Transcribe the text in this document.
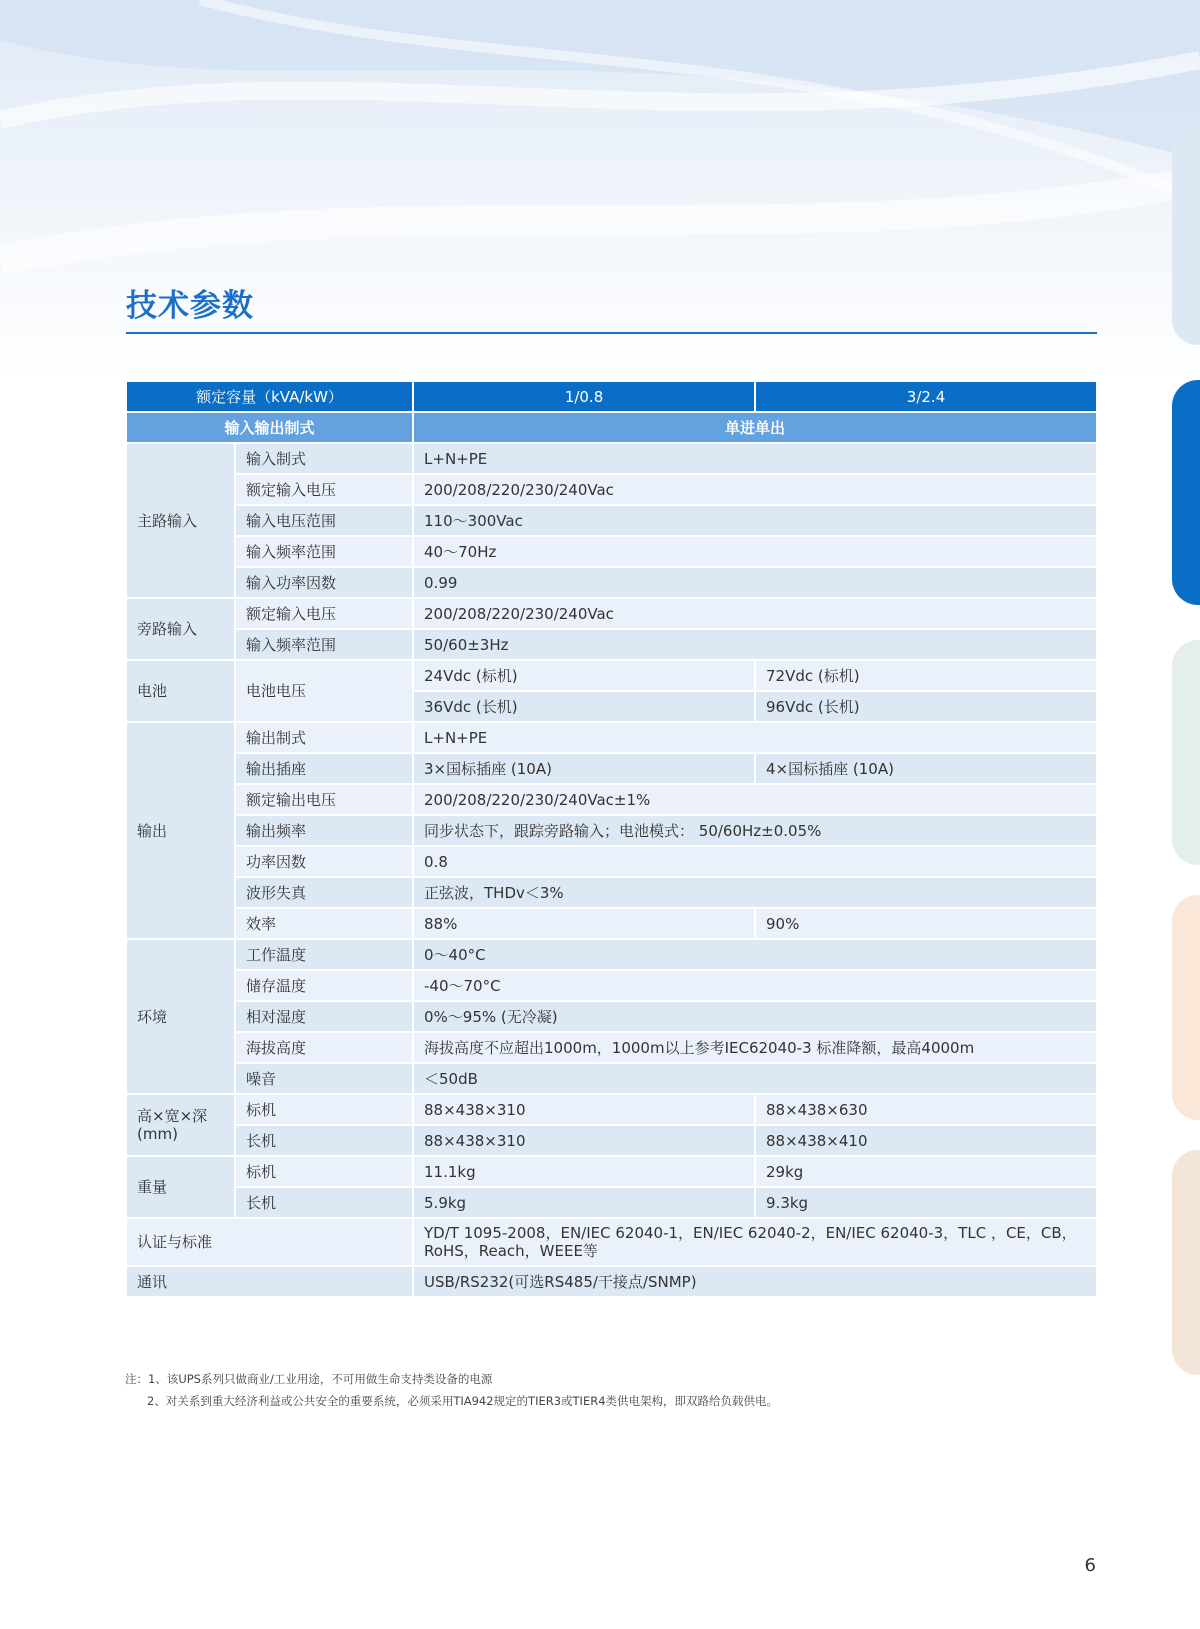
技术参数
额定容量（kVA/kW）		1/0.8	3/2.4
输入输出制式		单进单出	
主路输入	输入制式	L+N+PE	
	额定输入电压	200/208/220/230/240Vac	
	输入电压范围	110～300Vac	
	输入频率范围	40～70Hz	
	输入功率因数	0.99	
旁路输入	额定输入电压	200/208/220/230/240Vac	
	输入频率范围	50/60±3Hz	
电池	电池电压	24Vdc (标机)	72Vdc (标机)
		36Vdc (长机)	96Vdc (长机)
输出	输出制式	L+N+PE	
	输出插座	3×国标插座 (10A)	4×国标插座 (10A)
	额定输出电压	200/208/220/230/240Vac±1%	
	输出频率	同步状态下，跟踪旁路输入；电池模式： 50/60Hz±0.05%	
	功率因数	0.8	
	波形失真	正弦波，THDv＜3%	
	效率	88%	90%
环境	工作温度	0～40°C	
	储存温度	-40～70°C	
	相对湿度	0%～95% (无冷凝)	
	海拔高度	海拔高度不应超出1000m，1000m以上参考IEC62040-3 标准降额，最高4000m	
	噪音	＜50dB	
高×宽×深(mm)	标机	88×438×310	88×438×630
	长机	88×438×310	88×438×410
重量	标机	11.1kg	29kg
	长机	5.9kg	9.3kg
认证与标准		YD/T 1095-2008，EN/IEC 62040-1，EN/IEC 62040-2，EN/IEC 62040-3，TLC ，CE，CB，RoHS，Reach，WEEE等	
通讯		USB/RS232(可选RS485/干接点/SNMP)	
注：1、该UPS系列只做商业/工业用途，不可用做生命支持类设备的电源
2、对关系到重大经济利益或公共安全的重要系统，必须采用TIA942规定的TIER3或TIER4类供电架构，即双路给负载供电。
6
